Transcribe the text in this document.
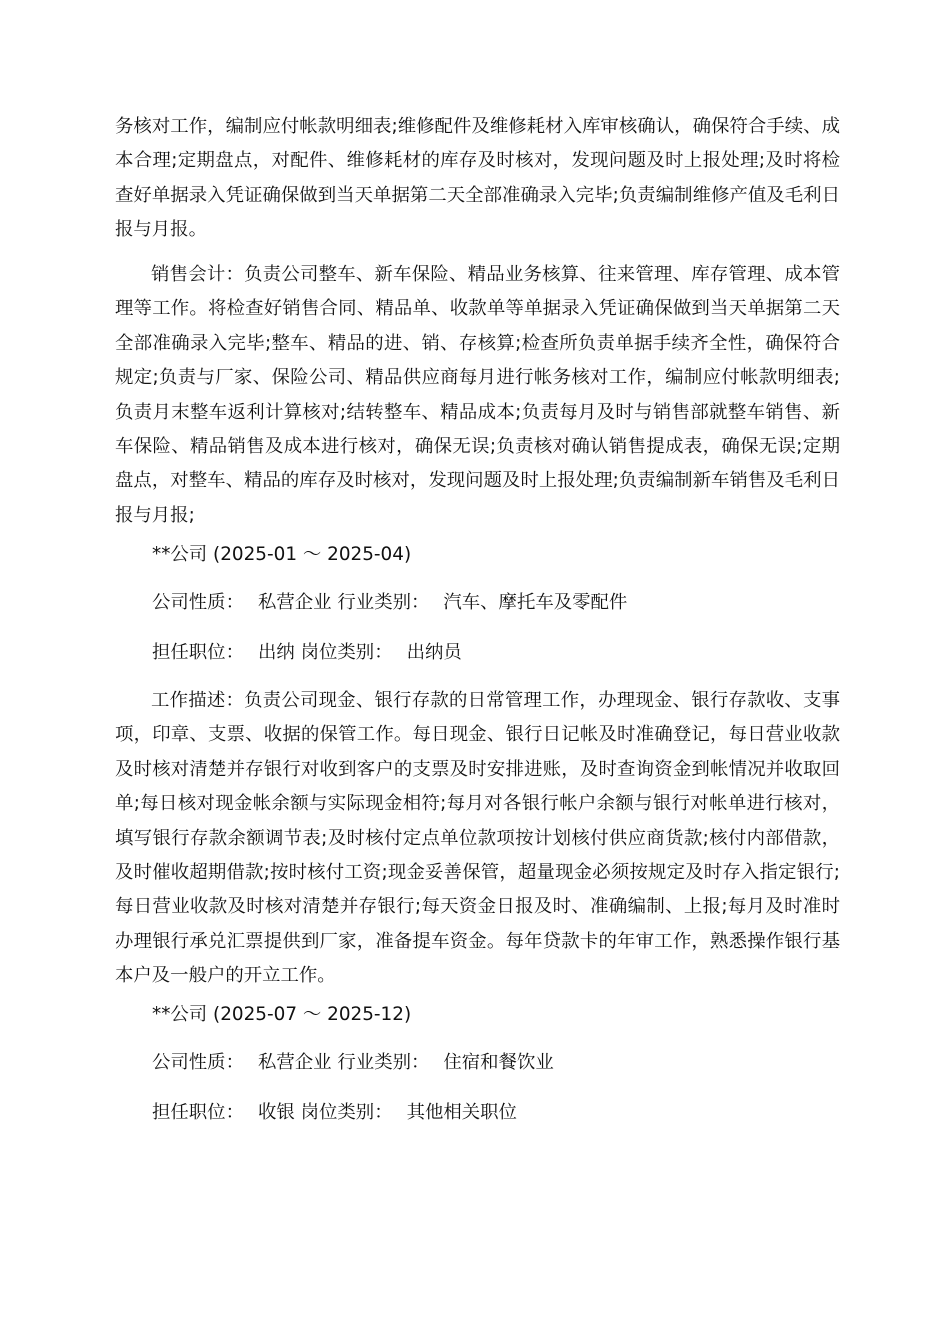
务核对工作，编制应付帐款明细表;维修配件及维修耗材入库审核确认，确保符合手续、成本合理;定期盘点，对配件、维修耗材的库存及时核对，发现问题及时上报处理;及时将检查好单据录入凭证确保做到当天单据第二天全部准确录入完毕;负责编制维修产值及毛利日报与月报。

销售会计：负责公司整车、新车保险、精品业务核算、往来管理、库存管理、成本管理等工作。将检查好销售合同、精品单、收款单等单据录入凭证确保做到当天单据第二天全部准确录入完毕;整车、精品的进、销、存核算;检查所负责单据手续齐全性，确保符合规定;负责与厂家、保险公司、精品供应商每月进行帐务核对工作，编制应付帐款明细表;负责月末整车返利计算核对;结转整车、精品成本;负责每月及时与销售部就整车销售、新车保险、精品销售及成本进行核对，确保无误;负责核对确认销售提成表，确保无误;定期盘点，对整车、精品的库存及时核对，发现问题及时上报处理;负责编制新车销售及毛利日报与月报;

**公司 (2025-01 ～ 2025-04)

公司性质： 私营企业 行业类别： 汽车、摩托车及零配件

担任职位： 出纳 岗位类别： 出纳员

工作描述：负责公司现金、银行存款的日常管理工作，办理现金、银行存款收、支事项，印章、支票、收据的保管工作。每日现金、银行日记帐及时准确登记，每日营业收款及时核对清楚并存银行对收到客户的支票及时安排进账，及时查询资金到帐情况并收取回单;每日核对现金帐余额与实际现金相符;每月对各银行帐户余额与银行对帐单进行核对，填写银行存款余额调节表;及时核付定点单位款项按计划核付供应商货款;核付内部借款，及时催收超期借款;按时核付工资;现金妥善保管，超量现金必须按规定及时存入指定银行;每日营业收款及时核对清楚并存银行;每天资金日报及时、准确编制、上报;每月及时准时办理银行承兑汇票提供到厂家，准备提车资金。每年贷款卡的年审工作，熟悉操作银行基本户及一般户的开立工作。

**公司 (2025-07 ～ 2025-12)

公司性质： 私营企业 行业类别： 住宿和餐饮业

担任职位： 收银 岗位类别： 其他相关职位
